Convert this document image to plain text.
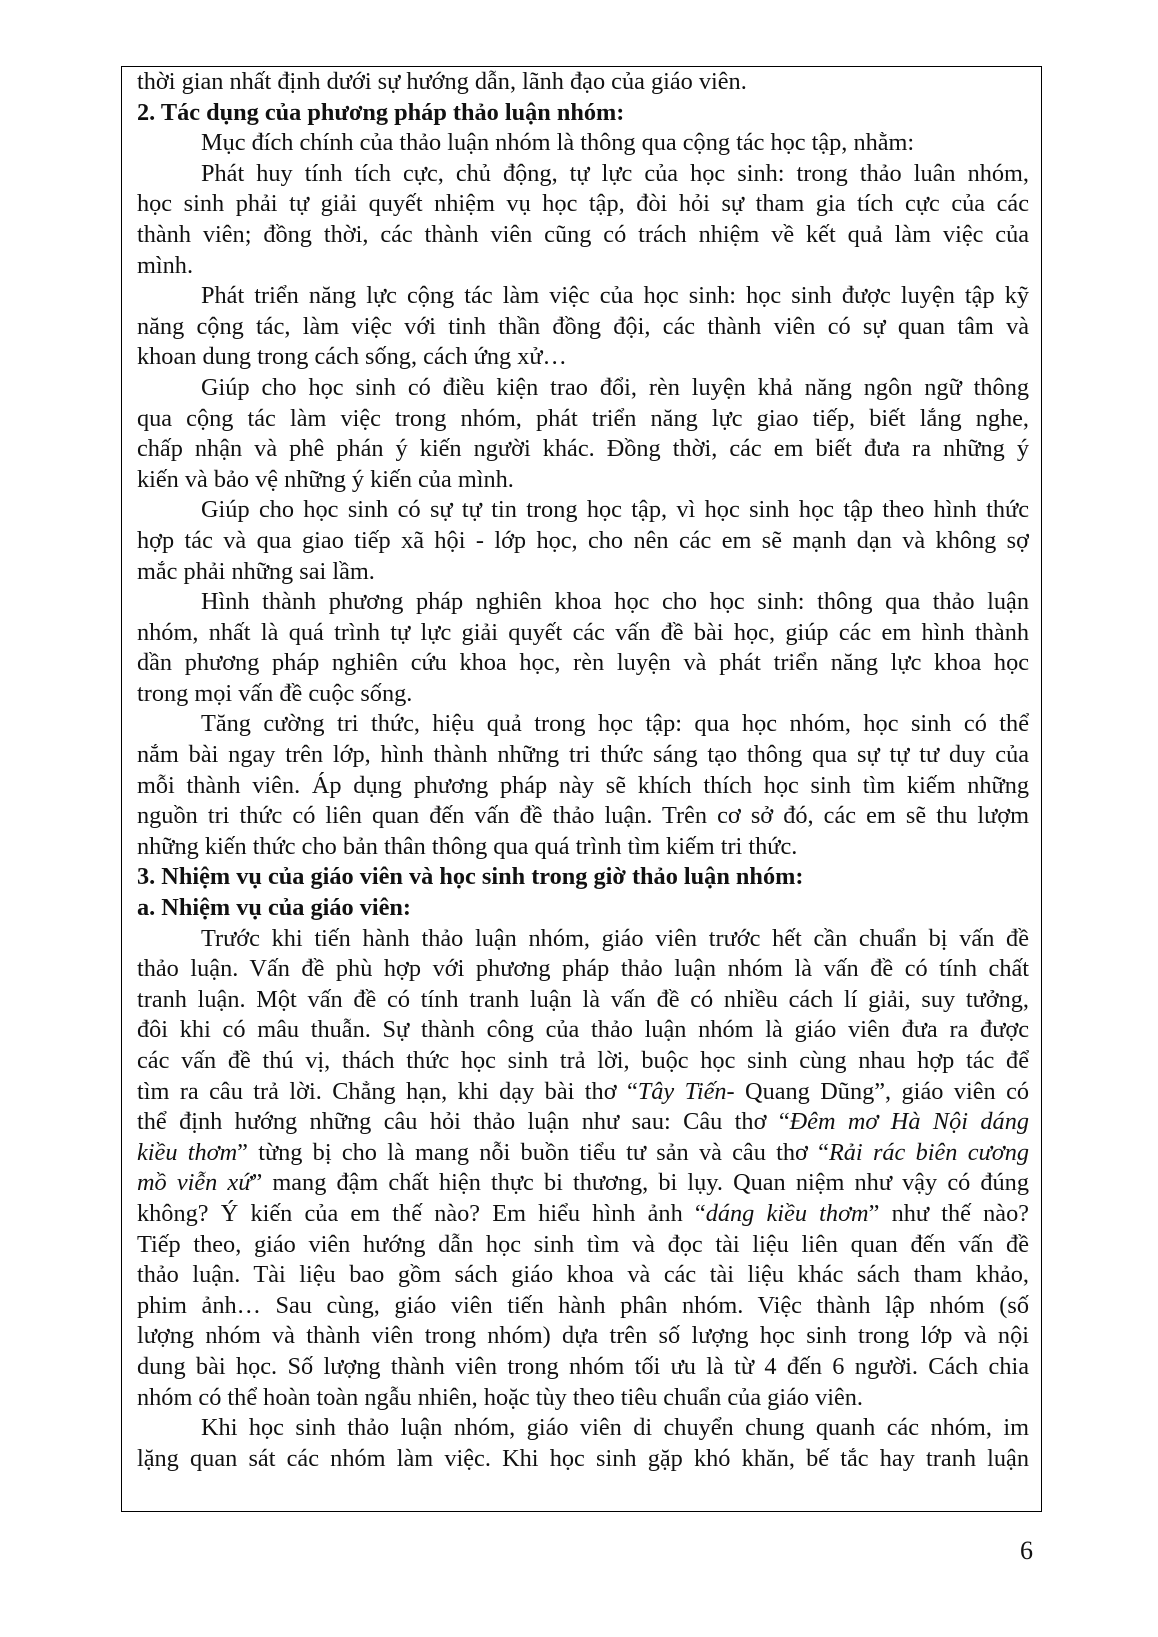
thời gian nhất định dưới sự hướng dẫn, lãnh đạo của giáo viên.
2. Tác dụng của phương pháp thảo luận nhóm:
Mục đích chính của thảo luận nhóm là thông qua cộng tác học tập, nhằm:
Phát huy tính tích cực, chủ động, tự lực của học sinh: trong thảo luân nhóm,
học sinh phải tự giải quyết nhiệm vụ học tập, đòi hỏi sự tham gia tích cực của các
thành viên; đồng thời, các thành viên cũng có trách nhiệm về kết quả làm việc của
mình.
Phát triển năng lực cộng tác làm việc của học sinh: học sinh được luyện tập kỹ
năng cộng tác, làm việc với tinh thần đồng đội, các thành viên có sự quan tâm và
khoan dung trong cách sống, cách ứng xử…
Giúp cho học sinh có điều kiện trao đổi, rèn luyện khả năng ngôn ngữ thông
qua cộng tác làm việc trong nhóm, phát triển năng lực giao tiếp, biết lắng nghe,
chấp nhận và phê phán ý kiến người khác. Đồng thời, các em biết đưa ra những ý
kiến và bảo vệ những ý kiến của mình.
Giúp cho học sinh có sự tự tin trong học tập, vì học sinh học tập theo hình thức
hợp tác và qua giao tiếp xã hội - lớp học, cho nên các em sẽ mạnh dạn và không sợ
mắc phải những sai lầm.
Hình thành phương pháp nghiên khoa học cho học sinh: thông qua thảo luận
nhóm, nhất là quá trình tự lực giải quyết các vấn đề bài học, giúp các em hình thành
dần phương pháp nghiên cứu khoa học, rèn luyện và phát triển năng lực khoa học
trong mọi vấn đề cuộc sống.
Tăng cường tri thức, hiệu quả trong học tập: qua học nhóm, học sinh có thể
nắm bài ngay trên lớp, hình thành những tri thức sáng tạo thông qua sự tự tư duy của
mỗi thành viên. Áp dụng phương pháp này sẽ khích thích học sinh tìm kiếm những
nguồn tri thức có liên quan đến vấn đề thảo luận. Trên cơ sở đó, các em sẽ thu lượm
những kiến thức cho bản thân thông qua quá trình tìm kiếm tri thức.
3. Nhiệm vụ của giáo viên và học sinh trong giờ thảo luận nhóm:
a. Nhiệm vụ của giáo viên:
Trước khi tiến hành thảo luận nhóm, giáo viên trước hết cần chuẩn bị vấn đề
thảo luận. Vấn đề phù hợp với phương pháp thảo luận nhóm là vấn đề có tính chất
tranh luận. Một vấn đề có tính tranh luận là vấn đề có nhiều cách lí giải, suy tưởng,
đôi khi có mâu thuẫn. Sự thành công của thảo luận nhóm là giáo viên đưa ra được
các vấn đề thú vị, thách thức học sinh trả lời, buộc học sinh cùng nhau hợp tác để
tìm ra câu trả lời. Chẳng hạn, khi dạy bài thơ “Tây Tiến- Quang Dũng”, giáo viên có
thể định hướng những câu hỏi thảo luận như sau: Câu thơ “Đêm mơ Hà Nội dáng
kiều thơm” từng bị cho là mang nỗi buồn tiểu tư sản và câu thơ “Rải rác biên cương
mồ viễn xứ” mang đậm chất hiện thực bi thương, bi lụy. Quan niệm như vậy có đúng
không? Ý kiến của em thế nào? Em hiểu hình ảnh “dáng kiều thơm” như thế nào?
Tiếp theo, giáo viên hướng dẫn học sinh tìm và đọc tài liệu liên quan đến vấn đề
thảo luận. Tài liệu bao gồm sách giáo khoa và các tài liệu khác sách tham khảo,
phim ảnh… Sau cùng, giáo viên tiến hành phân nhóm. Việc thành lập nhóm (số
lượng nhóm và thành viên trong nhóm) dựa trên số lượng học sinh trong lớp và nội
dung bài học. Số lượng thành viên trong nhóm tối ưu là từ 4 đến 6 người. Cách chia
nhóm có thể hoàn toàn ngẫu nhiên, hoặc tùy theo tiêu chuẩn của giáo viên.
Khi học sinh thảo luận nhóm, giáo viên di chuyển chung quanh các nhóm, im
lặng quan sát các nhóm làm việc. Khi học sinh gặp khó khăn, bế tắc hay tranh luận
6
